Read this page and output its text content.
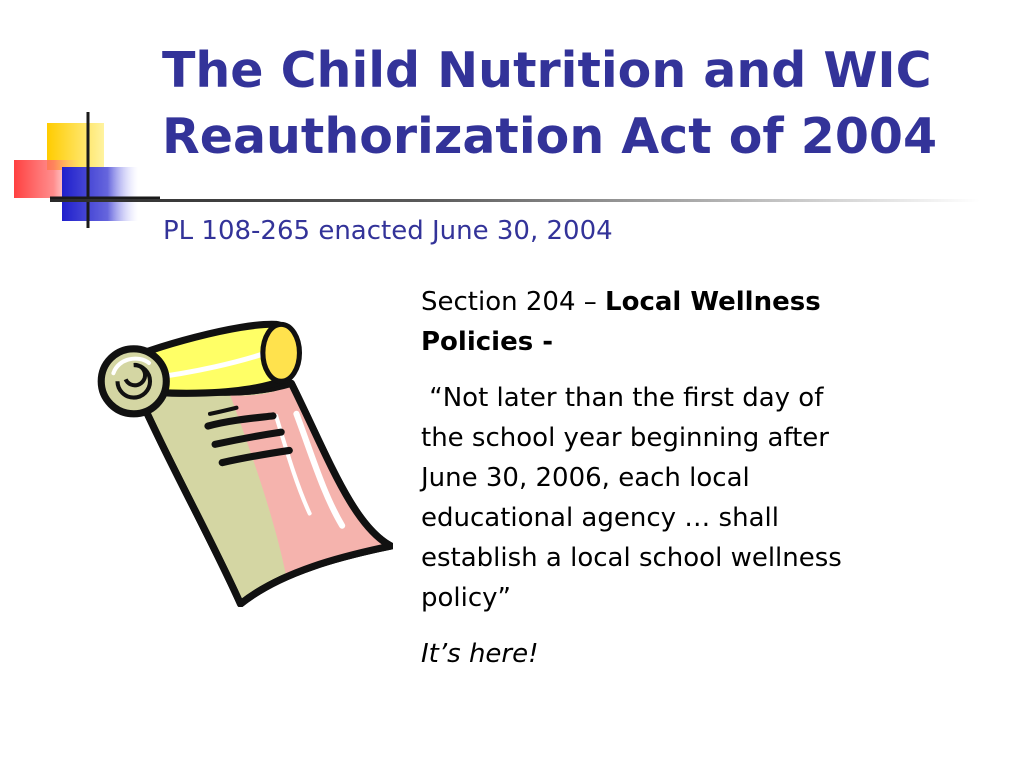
The Child Nutrition and WIC
Reauthorization Act of 2004
PL 108-265 enacted June 30, 2004

Section 204 – Local Wellness
Policies -

“Not later than the first day of
the school year beginning after
June 30, 2006, each local
educational agency … shall
establish a local school wellness
policy”

It’s here!
